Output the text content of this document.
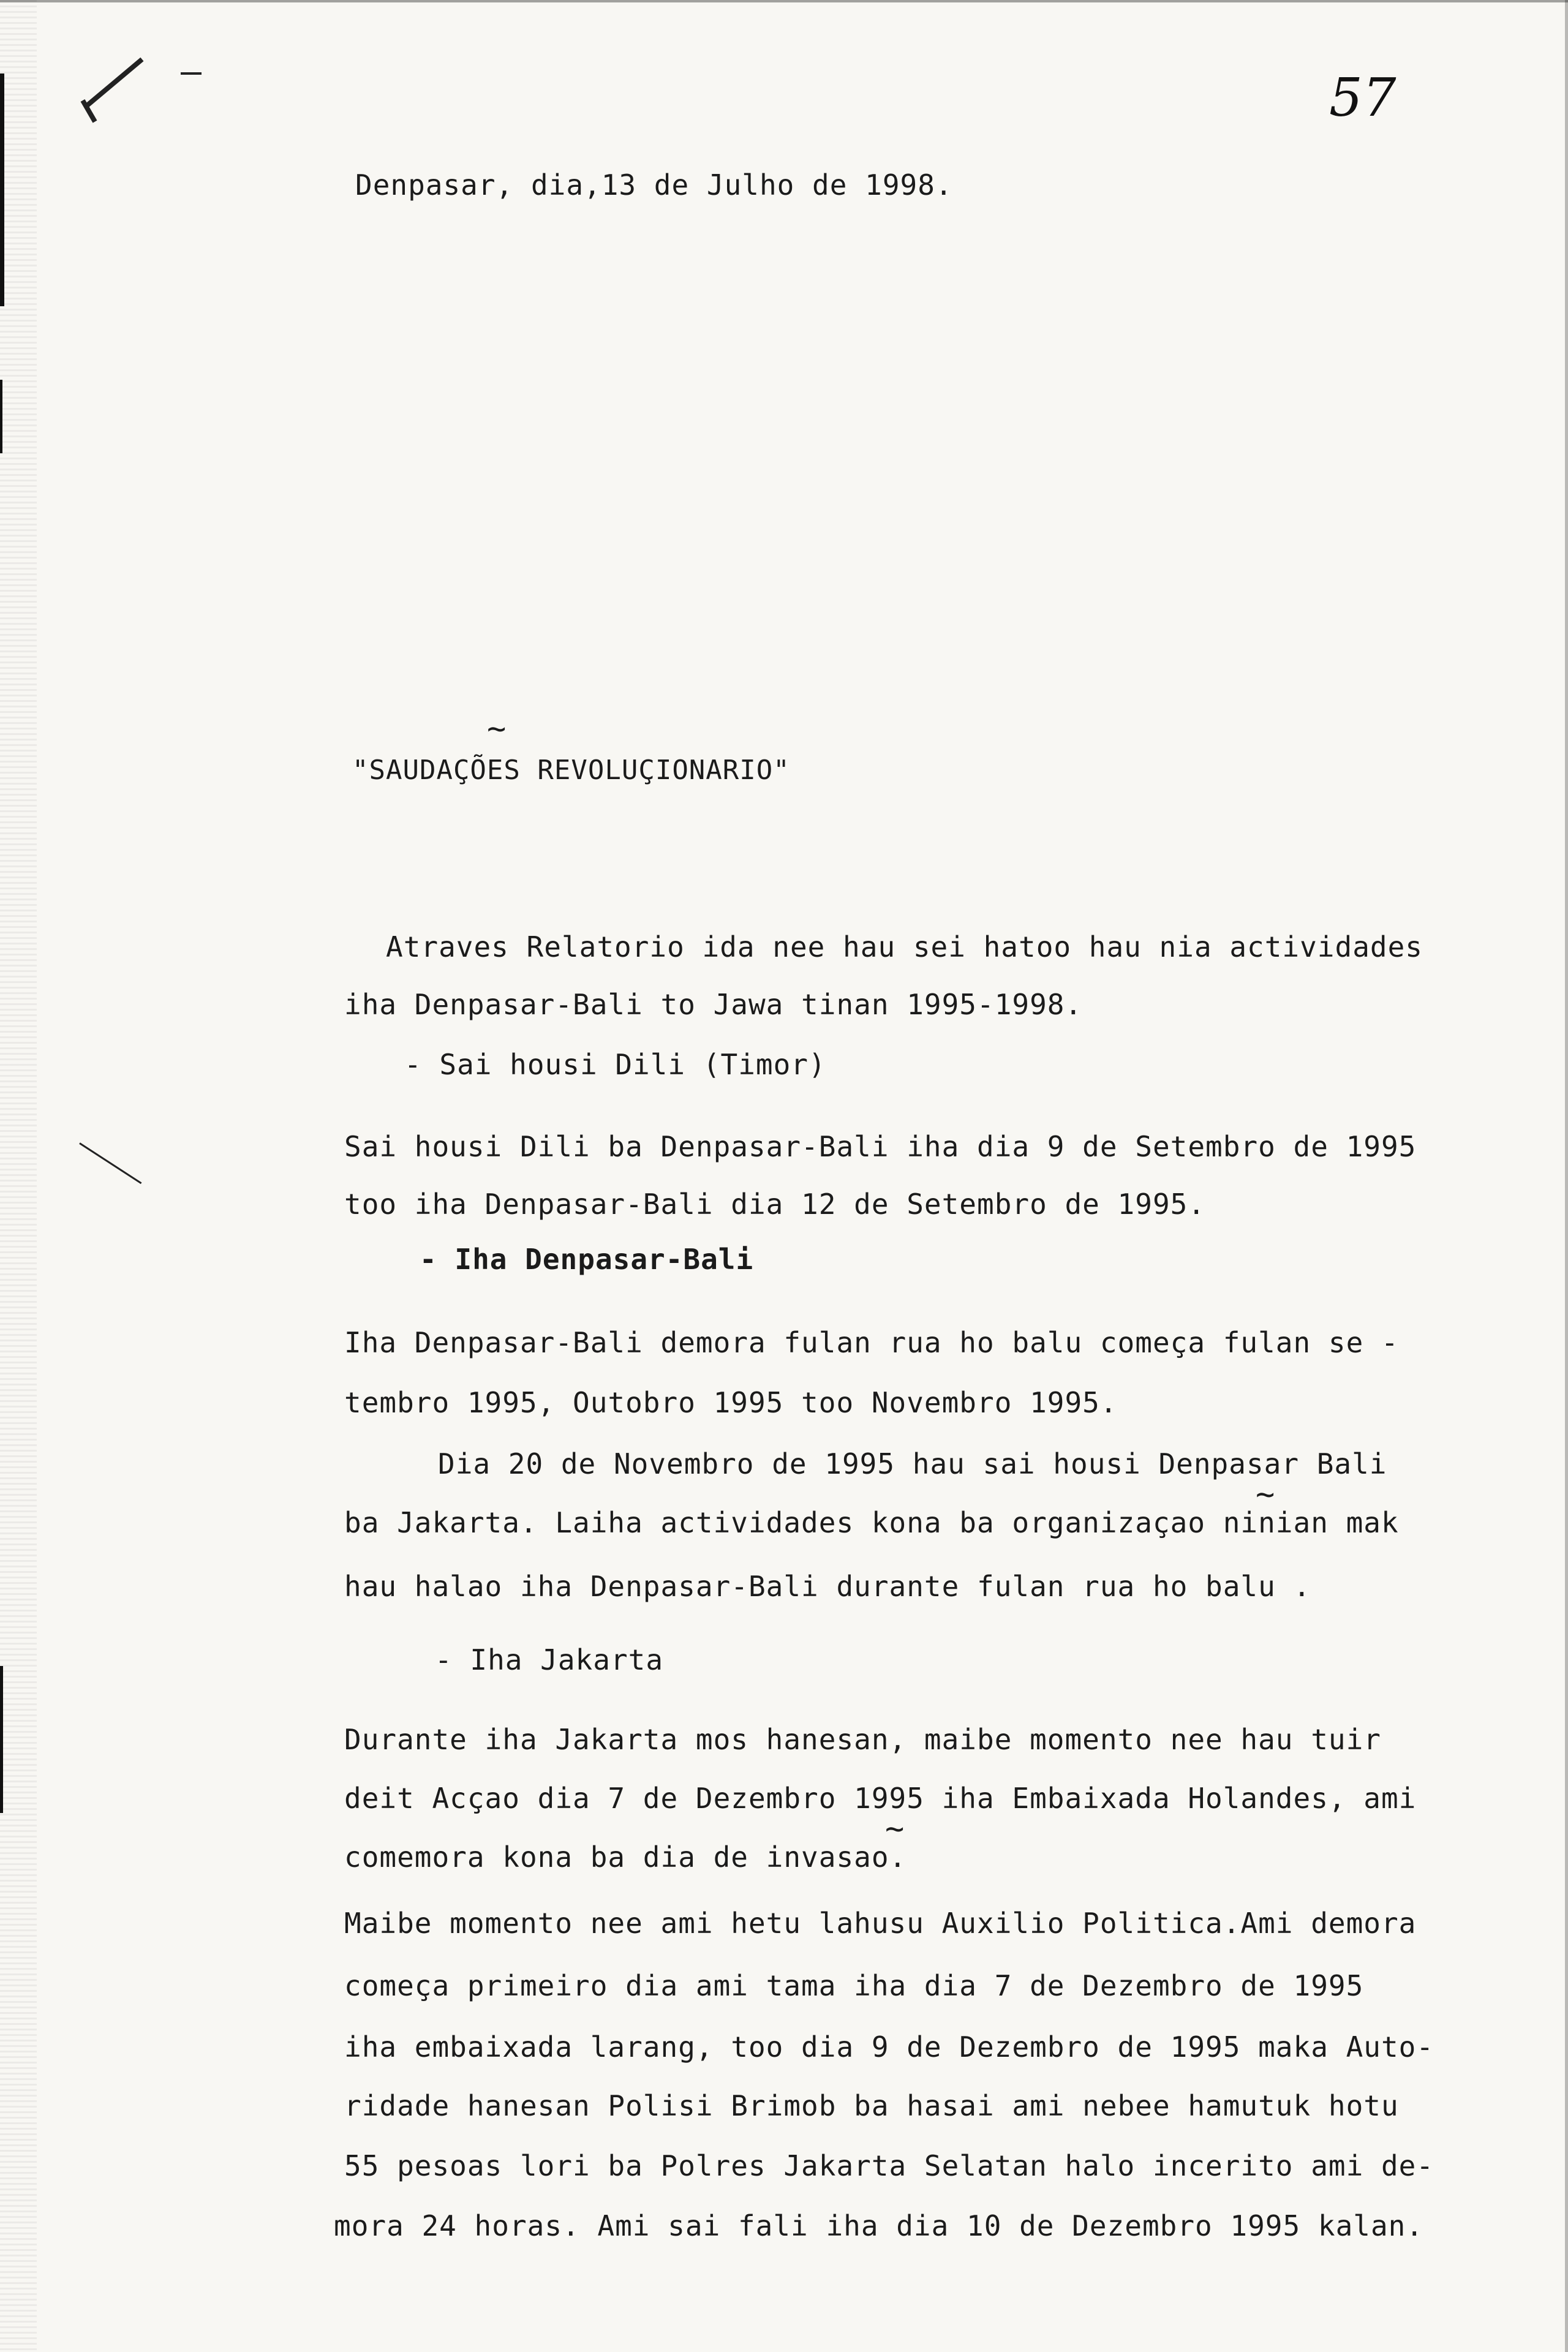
57
Denpasar, dia,13 de Julho de 1998.
"SAUDAÇÕES REVOLUÇIONARIO"
Atraves Relatorio ida nee hau sei hatoo hau nia actividades
iha Denpasar-Bali to Jawa tinan 1995-1998.
- Sai housi Dili (Timor)
Sai housi Dili ba Denpasar-Bali iha dia 9 de Setembro de 1995
too iha Denpasar-Bali dia 12 de Setembro de 1995.
- Iha Denpasar-Bali
Iha Denpasar-Bali demora fulan rua ho balu começa fulan se -
tembro 1995, Outobro 1995 too Novembro 1995.
Dia 20 de Novembro de 1995 hau sai housi Denpasar Bali
ba Jakarta. Laiha actividades kona ba organizaçao ninian mak
hau halao iha Denpasar-Bali durante fulan rua ho balu .
- Iha Jakarta
Durante iha Jakarta mos hanesan, maibe momento nee hau tuir
deit Acçao dia 7 de Dezembro 1995 iha Embaixada Holandes, ami
comemora kona ba dia de invasao.
Maibe momento nee ami hetu lahusu Auxilio Politica.Ami demora
começa primeiro dia ami tama iha dia 7 de Dezembro de 1995
iha embaixada larang, too dia 9 de Dezembro de 1995 maka Auto-
ridade hanesan Polisi Brimob ba hasai ami nebee hamutuk hotu
55 pesoas lori ba Polres Jakarta Selatan halo incerito ami de-
mora 24 horas. Ami sai fali iha dia 10 de Dezembro 1995 kalan.
~
~
~
